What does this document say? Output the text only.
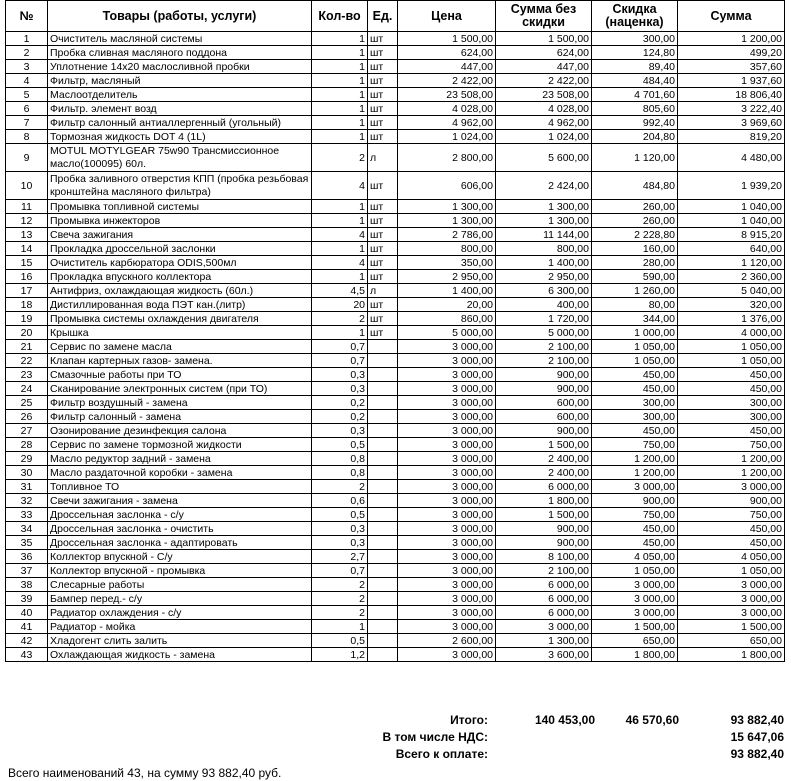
№	Товары (работы, услуги)	Кол-во	Ед.	Цена	Сумма без скидки	Скидка (наценка)	Сумма
1	Очиститель масляной системы	1	шт	1 500,00	1 500,00	300,00	1 200,00
2	Пробка сливная масляного поддона	1	шт	624,00	624,00	124,80	499,20
3	Уплотнение 14x20 маслосливной пробки	1	шт	447,00	447,00	89,40	357,60
4	Фильтр, масляный	1	шт	2 422,00	2 422,00	484,40	1 937,60
5	Маслоотделитель	1	шт	23 508,00	23 508,00	4 701,60	18 806,40
6	Фильтр. элемент возд	1	шт	4 028,00	4 028,00	805,60	3 222,40
7	Фильтр салонный антиаллергенный (угольный)	1	шт	4 962,00	4 962,00	992,40	3 969,60
8	Тормозная жидкость DOT 4 (1L)	1	шт	1 024,00	1 024,00	204,80	819,20
9	MOTUL MOTYLGEAR 75w90 Трансмиссионное масло(100095) 60л.	2	л	2 800,00	5 600,00	1 120,00	4 480,00
10	Пробка заливного отверстия КПП (пробка резьбовая кронштейна масляного фильтра)	4	шт	606,00	2 424,00	484,80	1 939,20
11	Промывка топливной системы	1	шт	1 300,00	1 300,00	260,00	1 040,00
12	Промывка инжекторов	1	шт	1 300,00	1 300,00	260,00	1 040,00
13	Свеча зажигания	4	шт	2 786,00	11 144,00	2 228,80	8 915,20
14	Прокладка дроссельной заслонки	1	шт	800,00	800,00	160,00	640,00
15	Очиститель карбюратора ODIS,500мл	4	шт	350,00	1 400,00	280,00	1 120,00
16	Прокладка впускного коллектора	1	шт	2 950,00	2 950,00	590,00	2 360,00
17	Антифриз, охлаждающая жидкость (60л.)	4,5	л	1 400,00	6 300,00	1 260,00	5 040,00
18	Дистиллированная вода ПЭТ кан.(литр)	20	шт	20,00	400,00	80,00	320,00
19	Промывка системы охлаждения двигателя	2	шт	860,00	1 720,00	344,00	1 376,00
20	Крышка	1	шт	5 000,00	5 000,00	1 000,00	4 000,00
21	Сервис по замене масла	0,7		3 000,00	2 100,00	1 050,00	1 050,00
22	Клапан картерных газов- замена.	0,7		3 000,00	2 100,00	1 050,00	1 050,00
23	Смазочные работы при ТО	0,3		3 000,00	900,00	450,00	450,00
24	Сканирование электронных систем (при ТО)	0,3		3 000,00	900,00	450,00	450,00
25	Фильтр воздушный - замена	0,2		3 000,00	600,00	300,00	300,00
26	Фильтр салонный - замена	0,2		3 000,00	600,00	300,00	300,00
27	Озонирование дезинфекция салона	0,3		3 000,00	900,00	450,00	450,00
28	Сервис по замене тормозной жидкости	0,5		3 000,00	1 500,00	750,00	750,00
29	Масло редуктор задний - замена	0,8		3 000,00	2 400,00	1 200,00	1 200,00
30	Масло раздаточной коробки - замена	0,8		3 000,00	2 400,00	1 200,00	1 200,00
31	Топливное ТО	2		3 000,00	6 000,00	3 000,00	3 000,00
32	Свечи зажигания - замена	0,6		3 000,00	1 800,00	900,00	900,00
33	Дроссельная заслонка - с/у	0,5		3 000,00	1 500,00	750,00	750,00
34	Дроссельная заслонка - очистить	0,3		3 000,00	900,00	450,00	450,00
35	Дроссельная заслонка - адаптировать	0,3		3 000,00	900,00	450,00	450,00
36	Коллектор впускной - С/у	2,7		3 000,00	8 100,00	4 050,00	4 050,00
37	Коллектор впускной - промывка	0,7		3 000,00	2 100,00	1 050,00	1 050,00
38	Слесарные работы	2		3 000,00	6 000,00	3 000,00	3 000,00
39	Бампер перед.- с/у	2		3 000,00	6 000,00	3 000,00	3 000,00
40	Радиатор охлаждения - с/у	2		3 000,00	6 000,00	3 000,00	3 000,00
41	Радиатор - мойка	1		3 000,00	3 000,00	1 500,00	1 500,00
42	Хладогент слить залить	0,5		2 600,00	1 300,00	650,00	650,00
43	Охлаждающая жидкость - замена	1,2		3 000,00	3 600,00	1 800,00	1 800,00
Итого:	140 453,00	46 570,60	93 882,40
В том числе НДС:	15 647,06
Всего к оплате:	93 882,40
Всего наименований 43, на сумму 93 882,40 руб.
